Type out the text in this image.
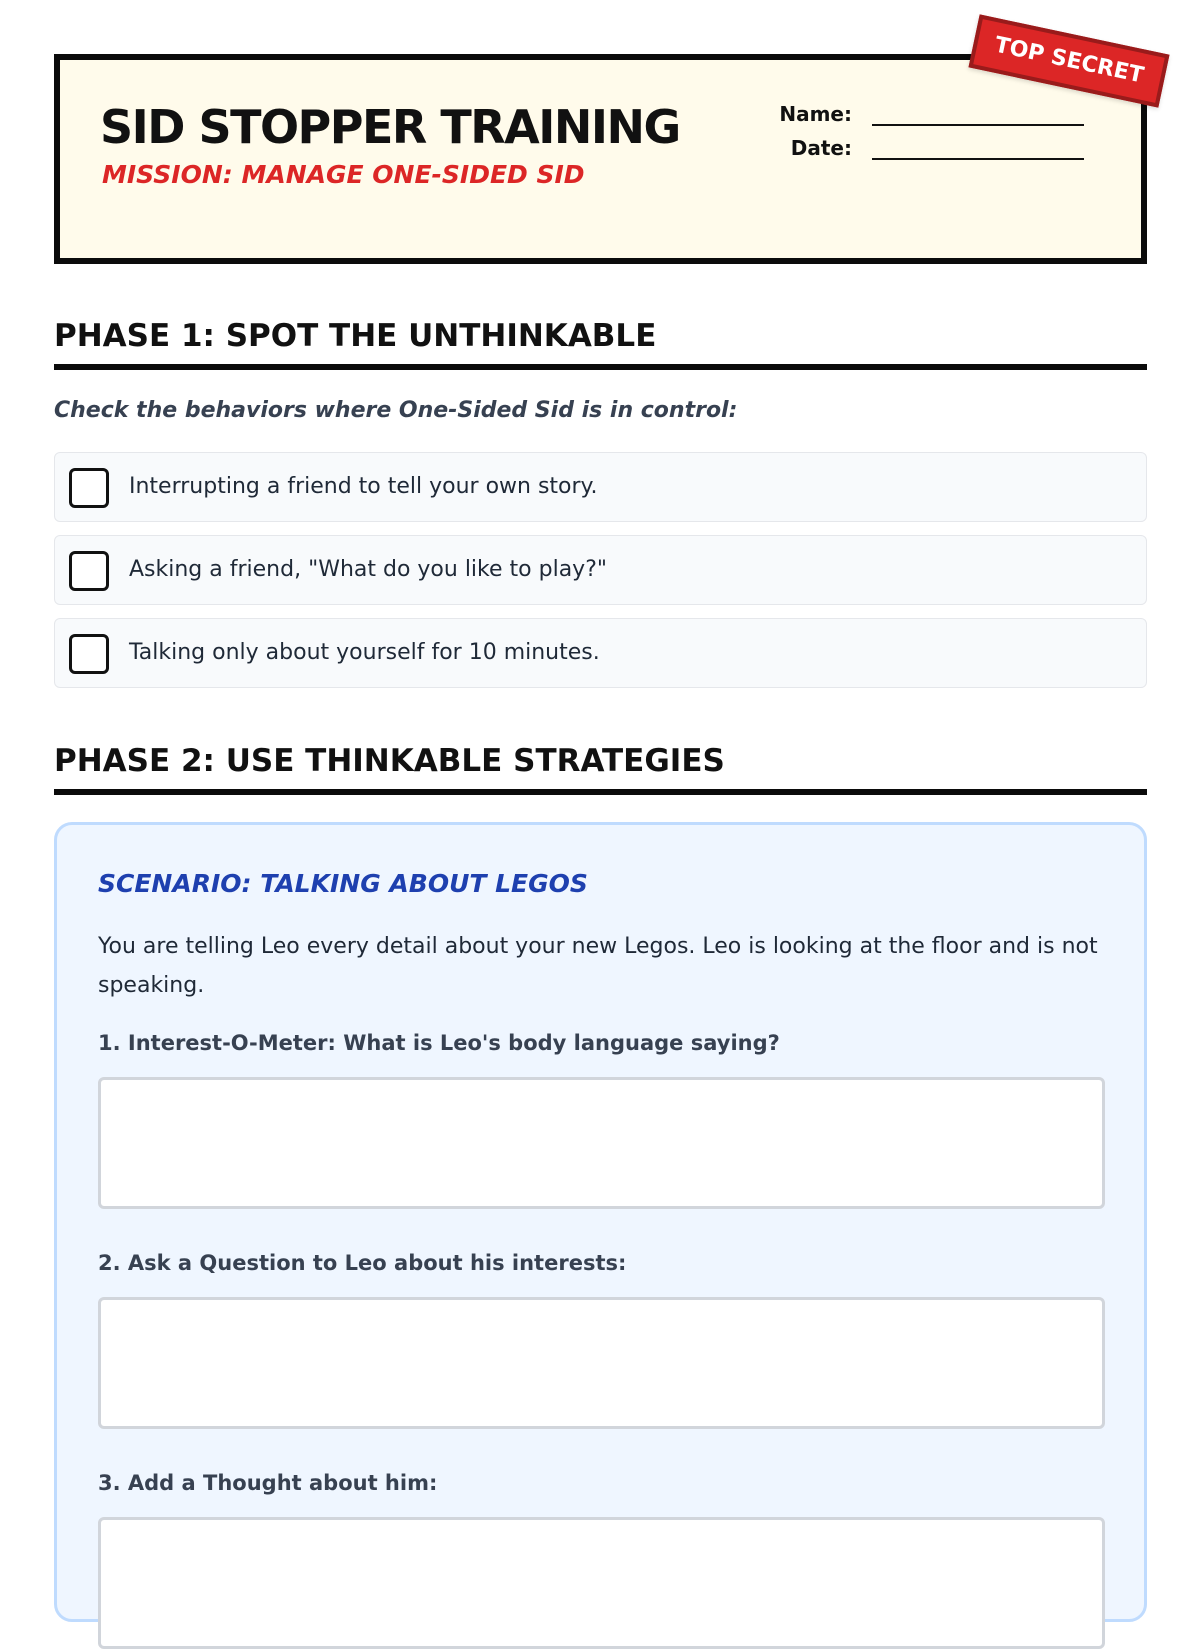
SID STOPPER TRAINING

MISSION: MANAGE ONE-SIDED SID

Name:
Date:
TOP SECRET
PHASE 1: SPOT THE UNTHINKABLE

Check the behaviors where One-Sided Sid is in control:

Interrupting a friend to tell your own story.
Asking a friend, "What do you like to play?"
Talking only about yourself for 10 minutes.
PHASE 2: USE THINKABLE STRATEGIES
SCENARIO: TALKING ABOUT LEGOS

You are telling Leo every detail about your new Legos. Leo is looking at the floor and is not speaking.

1. Interest-O-Meter: What is Leo's body language saying?

2. Ask a Question to Leo about his interests:

3. Add a Thought about him:
